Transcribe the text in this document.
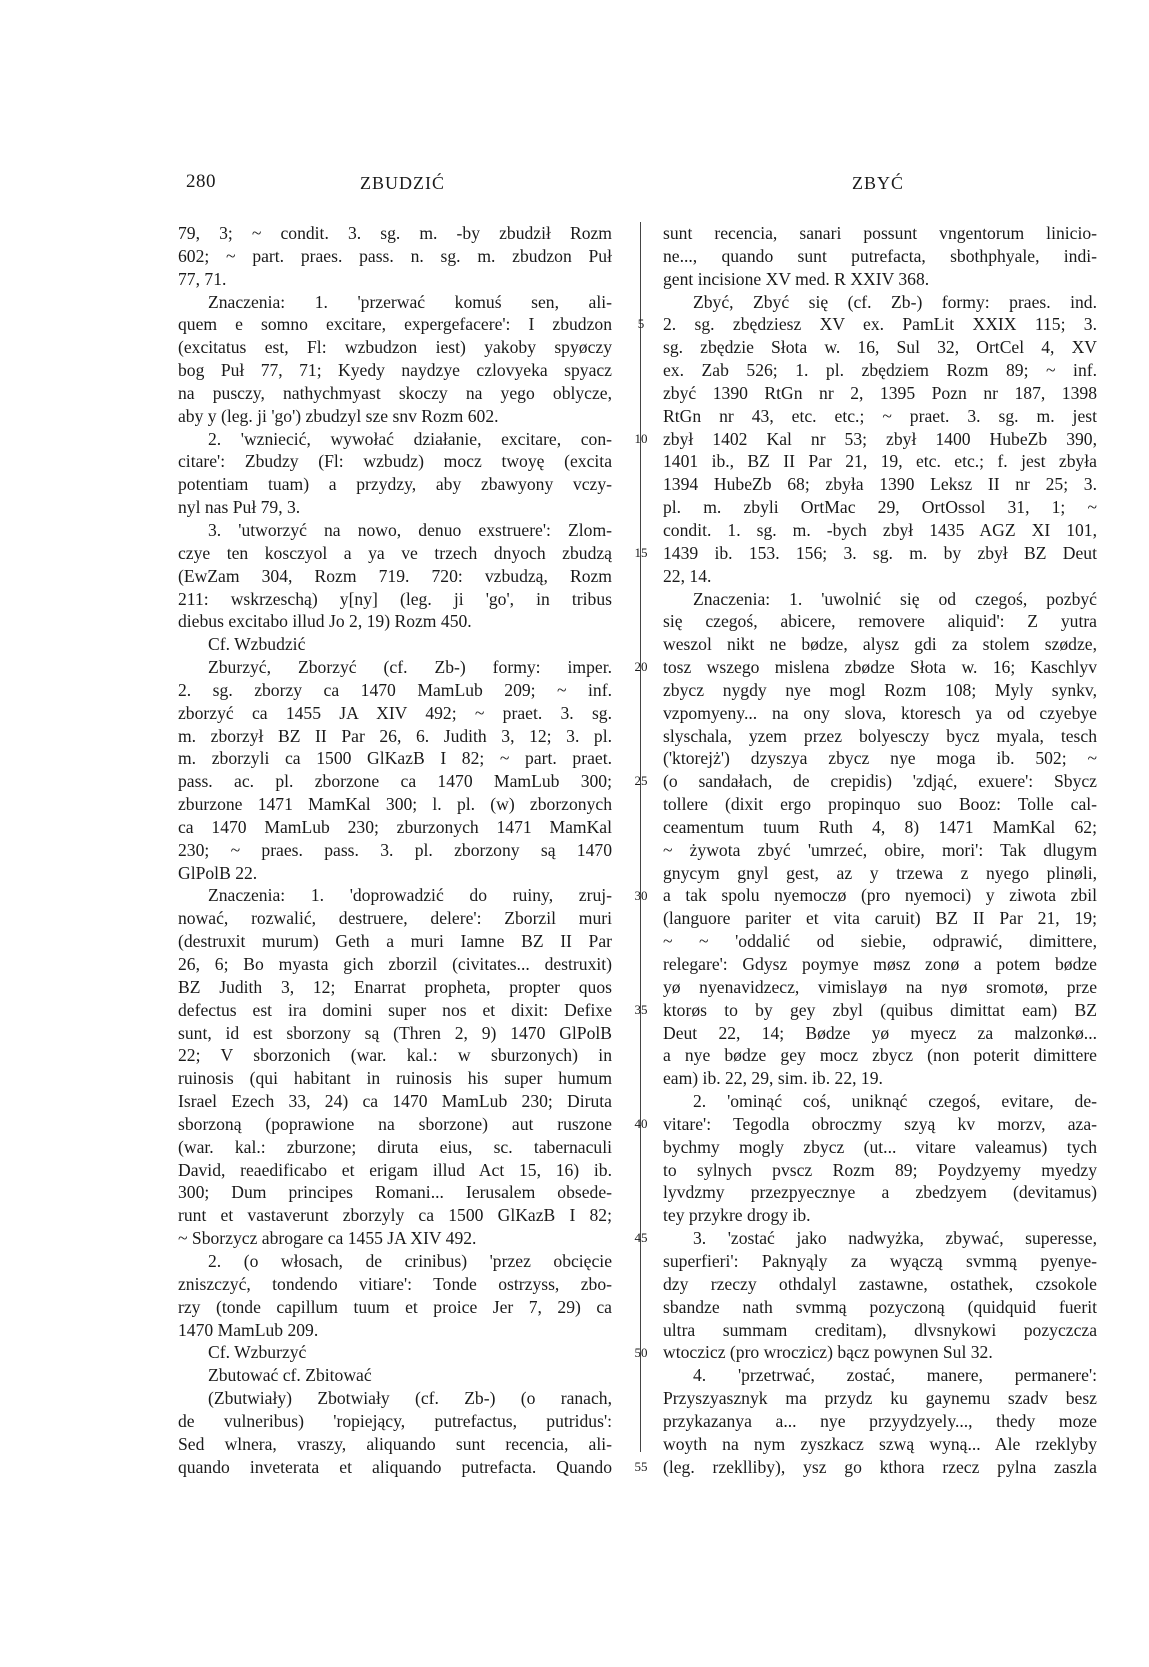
280	ZBUDZIĆ	ZBYĆ
79, 3; ~ condit. 3. sg. m. -by zbudził Rozm
602; ~ part. praes. pass. n. sg. m. zbudzon Puł
77, 71.
Znaczenia: 1. 'przerwać komuś sen, ali-
quem e somno excitare, expergefacere': I zbudzon
(excitatus est, Fl: wzbudzon iest) yakoby spyøczy
bog Puł 77, 71; Kyedy naydzye czlovyeka spyacz
na pusczy, nathychmyast skoczy na yego oblycze,
aby y (leg. ji 'go') zbudzyl sze snv Rozm 602.
2. 'wzniecić, wywołać działanie, excitare, con-
citare': Zbudzy (Fl: wzbudz) mocz twoyę (excita
potentiam tuam) a przydzy, aby zbawyony vczy-
nyl nas Puł 79, 3.
3. 'utworzyć na nowo, denuo exstruere': Zlom-
czye ten kosczyol a ya ve trzech dnyoch zbudzą
(EwZam 304, Rozm 719. 720: vzbudzą, Rozm
211: wskrzeschą) y[ny] (leg. ji 'go', in tribus
diebus excitabo illud Jo 2, 19) Rozm 450.
Cf. Wzbudzić
Zburzyć, Zborzyć (cf. Zb-) formy: imper.
2. sg. zborzy ca 1470 MamLub 209; ~ inf.
zborzyć ca 1455 JA XIV 492; ~ praet. 3. sg.
m. zborzył BZ II Par 26, 6. Judith 3, 12; 3. pl.
m. zborzyli ca 1500 GlKazB I 82; ~ part. praet.
pass. ac. pl. zborzone ca 1470 MamLub 300;
zburzone 1471 MamKal 300; l. pl. (w) zborzonych
ca 1470 MamLub 230; zburzonych 1471 MamKal
230; ~ praes. pass. 3. pl. zborzony są 1470
GlPolB 22.
Znaczenia: 1. 'doprowadzić do ruiny, zruj-
nować, rozwalić, destruere, delere': Zborzil muri
(destruxit murum) Geth a muri Iamne BZ II Par
26, 6; Bo myasta gich zborzil (civitates... destruxit)
BZ Judith 3, 12; Enarrat propheta, propter quos
defectus est ira domini super nos et dixit: Defixe
sunt, id est sborzony są (Thren 2, 9) 1470 GlPolB
22; V sborzonich (war. kal.: w sburzonych) in
ruinosis (qui habitant in ruinosis his super humum
Israel Ezech 33, 24) ca 1470 MamLub 230; Diruta
sborzoną (poprawione na sborzone) aut ruszone
(war. kal.: zburzone; diruta eius, sc. tabernaculi
David, reaedificabo et erigam illud Act 15, 16) ib.
300; Dum principes Romani... Ierusalem obsede-
runt et vastaverunt zborzyly ca 1500 GlKazB I 82;
~ Sborzycz abrogare ca 1455 JA XIV 492.
2. (o włosach, de crinibus) 'przez obcięcie
zniszczyć, tondendo vitiare': Tonde ostrzyss, zbo-
rzy (tonde capillum tuum et proice Jer 7, 29) ca
1470 MamLub 209.
Cf. Wzburzyć
Zbutować cf. Zbitować
(Zbutwiały) Zbotwiały (cf. Zb-) (o ranach,
de vulneribus) 'ropiejący, putrefactus, putridus':
Sed wlnera, vraszy, aliquando sunt recencia, ali-
quando inveterata et aliquando putrefacta. Quando
5
10
15
20
25
30
35
40
45
50
55
sunt recencia, sanari possunt vngentorum linicio-
ne..., quando sunt putrefacta, sbothphyale, indi-
gent incisione XV med. R XXIV 368.
Zbyć, Zbyć się (cf. Zb-) formy: praes. ind.
2. sg. zbędziesz XV ex. PamLit XXIX 115; 3.
sg. zbędzie Słota w. 16, Sul 32, OrtCel 4, XV
ex. Zab 526; 1. pl. zbędziem Rozm 89; ~ inf.
zbyć 1390 RtGn nr 2, 1395 Pozn nr 187, 1398
RtGn nr 43, etc. etc.; ~ praet. 3. sg. m. jest
zbył 1402 Kal nr 53; zbył 1400 HubeZb 390,
1401 ib., BZ II Par 21, 19, etc. etc.; f. jest zbyła
1394 HubeZb 68; zbyła 1390 Leksz II nr 25; 3.
pl. m. zbyli OrtMac 29, OrtOssol 31, 1; ~
condit. 1. sg. m. -bych zbył 1435 AGZ XI 101,
1439 ib. 153. 156; 3. sg. m. by zbył BZ Deut
22, 14.
Znaczenia: 1. 'uwolnić się od czegoś, pozbyć
się czegoś, abicere, removere aliquid': Z yutra
weszol nikt ne bødze, alysz gdi za stolem szødze,
tosz wszego mislena zbødze Słota w. 16; Kaschlyv
zbycz nygdy nye mogl Rozm 108; Myly synkv,
vzpomyeny... na ony slova, ktoresch ya od czyebye
slyschala, yzem przez bolyesczy bycz myala, tesch
('ktorejż') dzyszya zbycz nye moga ib. 502; ~
(o sandałach, de crepidis) 'zdjąć, exuere': Sbycz
tollere (dixit ergo propinquo suo Booz: Tolle cal-
ceamentum tuum Ruth 4, 8) 1471 MamKal 62;
~ żywota zbyć 'umrzeć, obire, mori': Tak dlugym
gnycym gnyl gest, az y trzewa z nyego plinøli,
a tak spolu nyemoczø (pro nyemoci) y ziwota zbil
(languore pariter et vita caruit) BZ II Par 21, 19;
~ ~ 'oddalić od siebie, odprawić, dimittere,
relegare': Gdysz poymye møsz zonø a potem bødze
yø nyenavidzecz, vimislayø na nyø sromotø, prze
ktorøs to by gey zbyl (quibus dimittat eam) BZ
Deut 22, 14; Bødze yø myecz za malzonkø...
a nye bødze gey mocz zbycz (non poterit dimittere
eam) ib. 22, 29, sim. ib. 22, 19.
2. 'ominąć coś, uniknąć czegoś, evitare, de-
vitare': Tegodla obroczmy szyą kv morzv, aza-
bychmy mogly zbycz (ut... vitare valeamus) tych
to sylnych pvscz Rozm 89; Poydzyemy myedzy
lyvdzmy przezpyecznye a zbedzyem (devitamus)
tey przykre drogy ib.
3. 'zostać jako nadwyżka, zbywać, superesse,
superfieri': Paknyąly za wyączą svmmą pyenye-
dzy rzeczy othdalyl zastawne, ostathek, czsokole
sbandze nath svmmą pozyczoną (quidquid fuerit
ultra summam creditam), dlvsnykowi pozyczcza
wtoczicz (pro wroczicz) bącz powynen Sul 32.
4. 'przetrwać, zostać, manere, permanere':
Przyszyasznyk ma przydz ku gaynemu szadv besz
przykazanya a... nye przyydzyely..., thedy moze
woyth na nym zyszkacz szwą wyną... Ale rzeklyby
(leg. rzeklliby), ysz go kthora rzecz pylna zaszla
